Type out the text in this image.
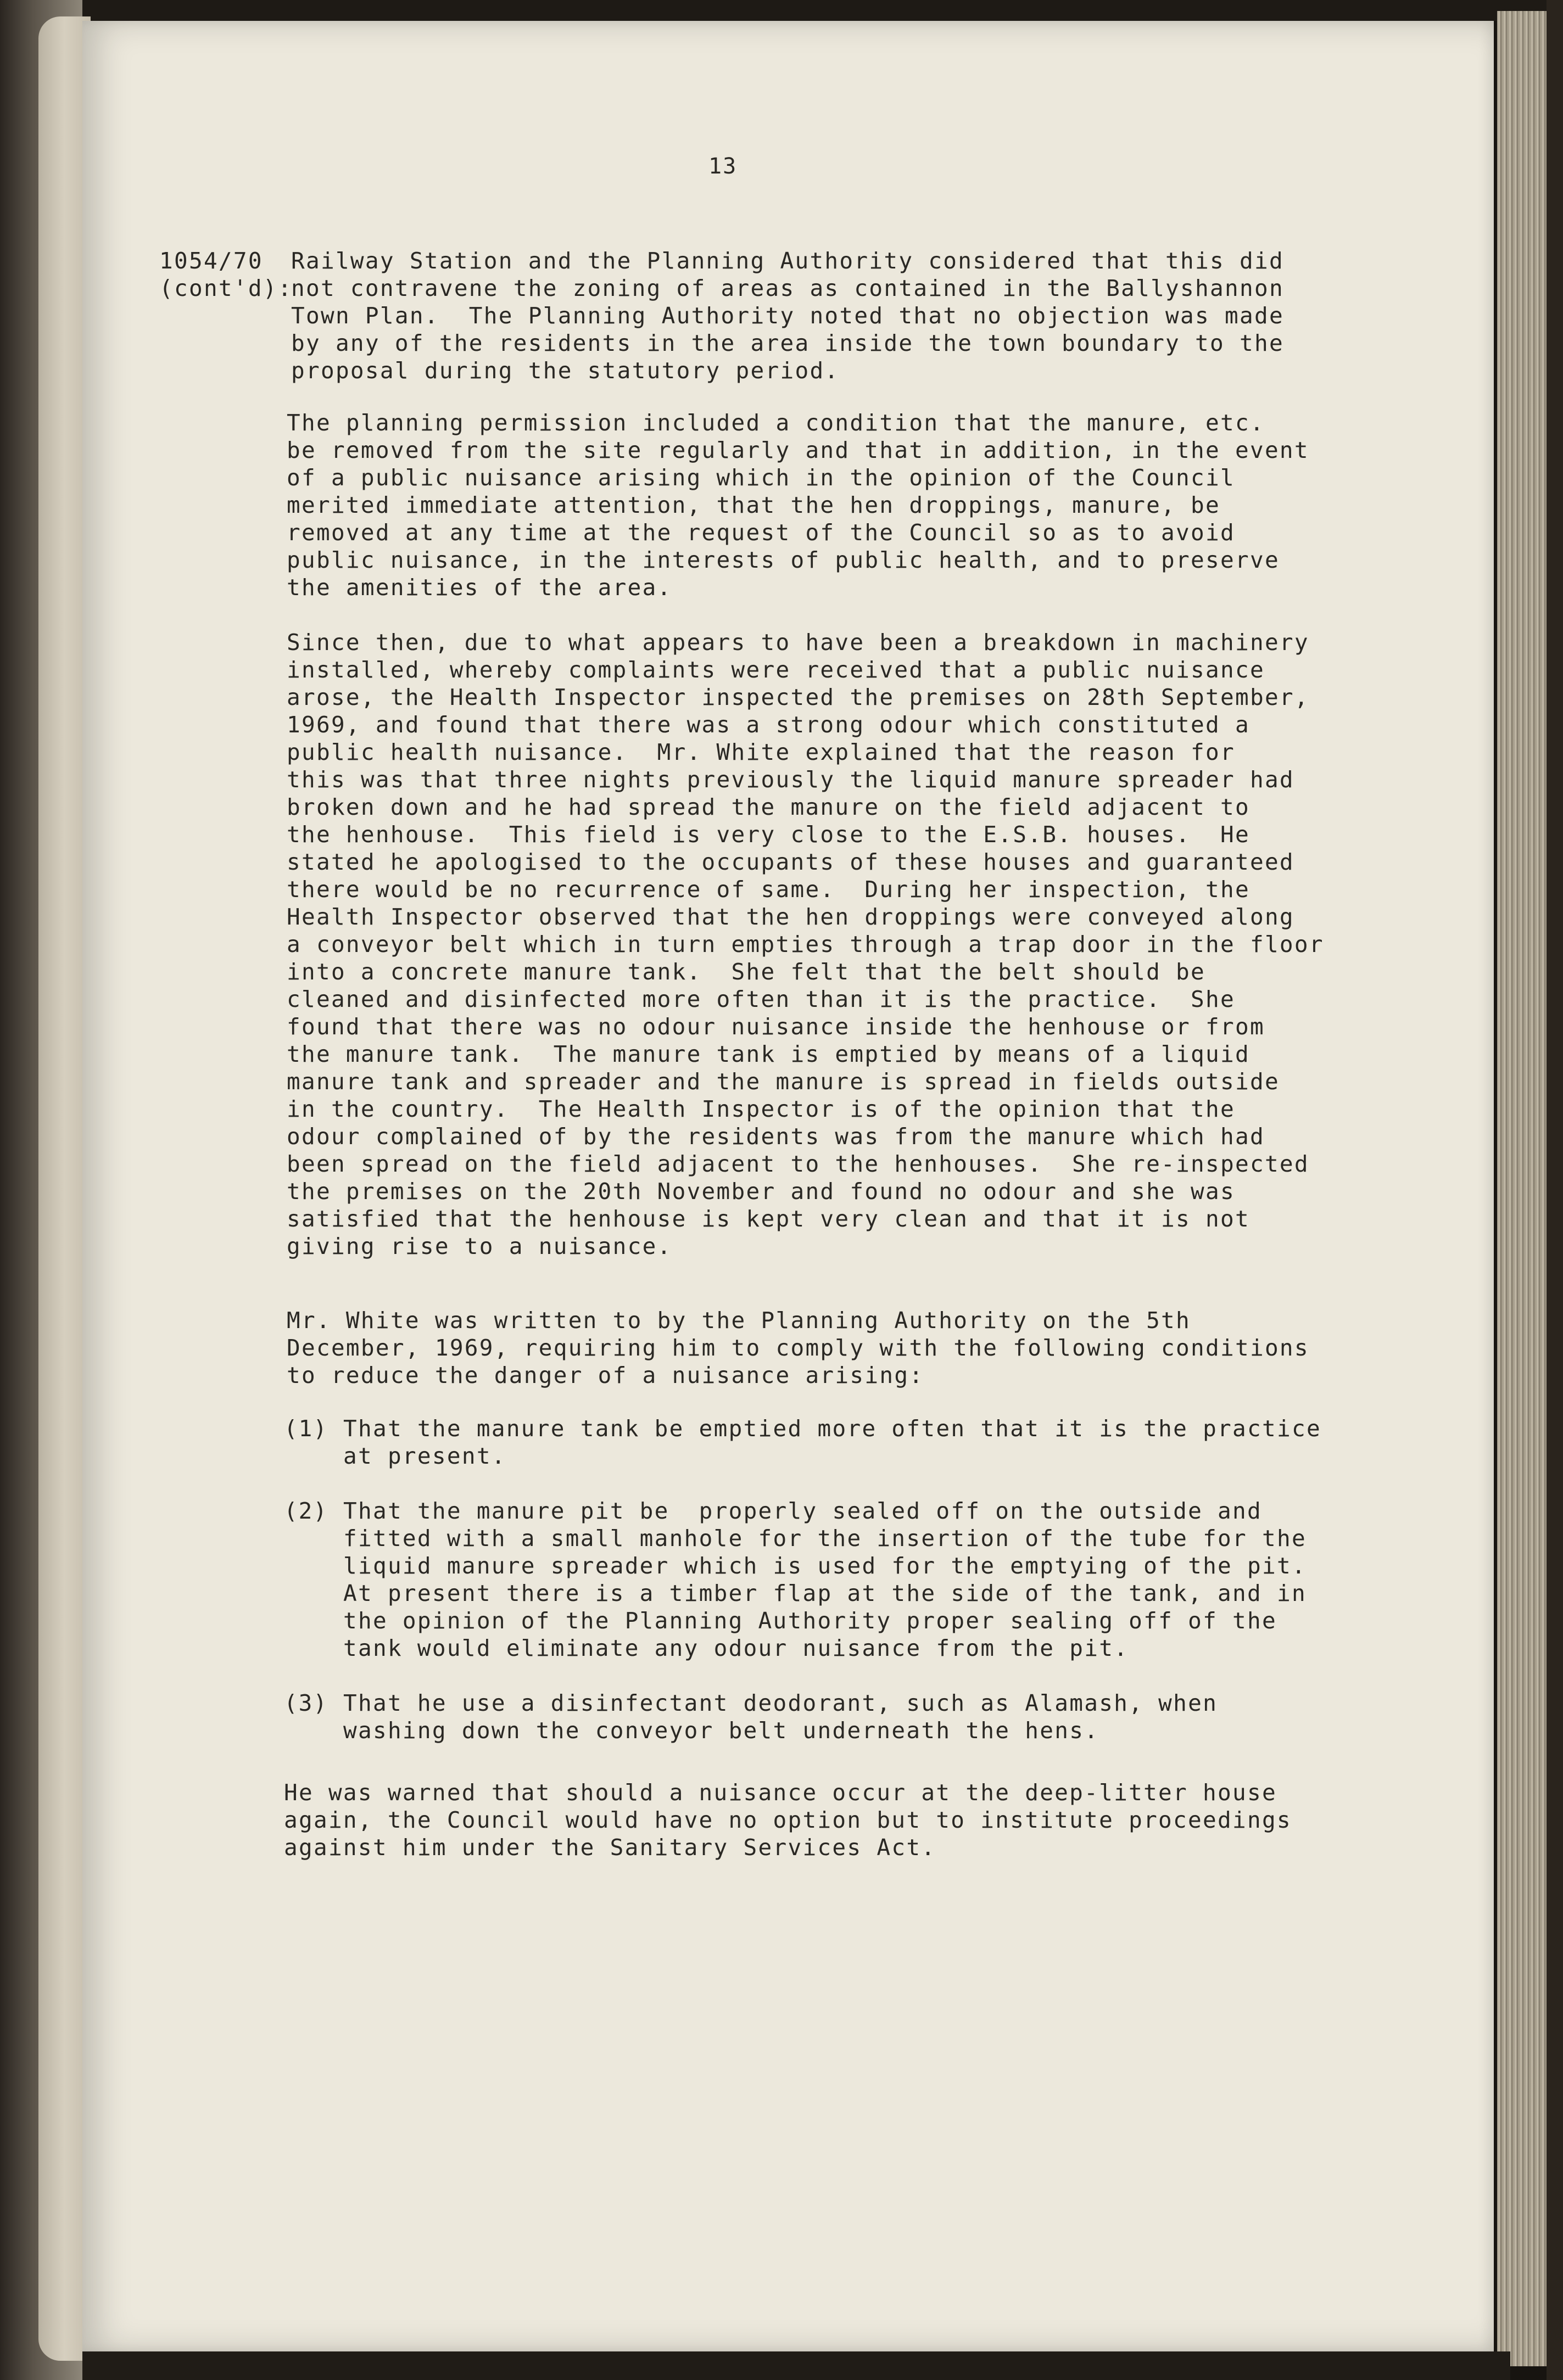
13
1054/70
(cont'd):
Railway Station and the Planning Authority considered that this did
not contravene the zoning of areas as contained in the Ballyshannon
Town Plan.  The Planning Authority noted that no objection was made
by any of the residents in the area inside the town boundary to the
proposal during the statutory period.
The planning permission included a condition that the manure, etc.
be removed from the site regularly and that in addition, in the event
of a public nuisance arising which in the opinion of the Council
merited immediate attention, that the hen droppings, manure, be
removed at any time at the request of the Council so as to avoid
public nuisance, in the interests of public health, and to preserve
the amenities of the area.
Since then, due to what appears to have been a breakdown in machinery
installed, whereby complaints were received that a public nuisance
arose, the Health Inspector inspected the premises on 28th September,
1969, and found that there was a strong odour which constituted a
public health nuisance.  Mr. White explained that the reason for
this was that three nights previously the liquid manure spreader had
broken down and he had spread the manure on the field adjacent to
the henhouse.  This field is very close to the E.S.B. houses.  He
stated he apologised to the occupants of these houses and guaranteed
there would be no recurrence of same.  During her inspection, the
Health Inspector observed that the hen droppings were conveyed along
a conveyor belt which in turn empties through a trap door in the floor
into a concrete manure tank.  She felt that the belt should be
cleaned and disinfected more often than it is the practice.  She
found that there was no odour nuisance inside the henhouse or from
the manure tank.  The manure tank is emptied by means of a liquid
manure tank and spreader and the manure is spread in fields outside
in the country.  The Health Inspector is of the opinion that the
odour complained of by the residents was from the manure which had
been spread on the field adjacent to the henhouses.  She re-inspected
the premises on the 20th November and found no odour and she was
satisfied that the henhouse is kept very clean and that it is not
giving rise to a nuisance.
Mr. White was written to by the Planning Authority on the 5th
December, 1969, requiring him to comply with the following conditions
to reduce the danger of a nuisance arising:
(1) That the manure tank be emptied more often that it is the practice
at present.
(2) That the manure pit be  properly sealed off on the outside and
fitted with a small manhole for the insertion of the tube for the
liquid manure spreader which is used for the emptying of the pit.
At present there is a timber flap at the side of the tank, and in
the opinion of the Planning Authority proper sealing off of the
tank would eliminate any odour nuisance from the pit.
(3) That he use a disinfectant deodorant, such as Alamash, when
washing down the conveyor belt underneath the hens.
He was warned that should a nuisance occur at the deep-litter house
again, the Council would have no option but to institute proceedings
against him under the Sanitary Services Act.
